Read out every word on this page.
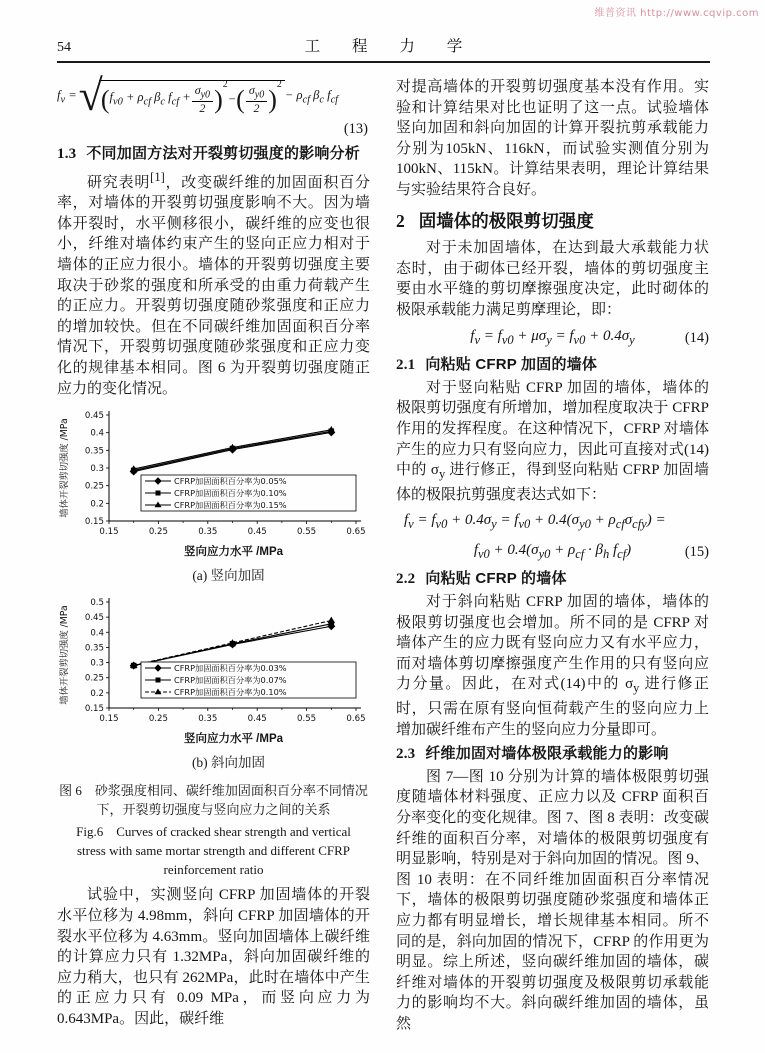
维普资讯 http://www.cqvip.com
54	工 程 力 学
$f_v$ = √
( $f_{v0} + \rho_{cf}$ $\beta_c$ $f_{cf} + \frac{\sigma_{y0}}{2}$ ) 2
− ( $\frac{\sigma_{y0}}{2}$ ) 2
− $\rho_{cf}$ $\beta_c$ $f_{cf}$
(13)
1.3 不同加固方法对开裂剪切强度的影响分析

研究表明[1]，改变碳纤维的加固面积百分率，对墙体的开裂剪切强度影响不大。因为墙体开裂时，水平侧移很小，碳纤维的应变也很小，纤维对墙体约束产生的竖向正应力相对于墙体的正应力很小。墙体的开裂剪切强度主要取决于砂浆的强度和所承受的由重力荷载产生的正应力。开裂剪切强度随砂浆强度和正应力的增加较快。但在不同碳纤维加固面积百分率情况下，开裂剪切强度随砂浆强度和正应力变化的规律基本相同。图 6 为开裂剪切强度随正应力的变化情况。

墙体开裂剪切强度 /MPa
0.15
0.2
0.25
0.3
0.35
0.4
0.45
0.15	0.25	0.35	0.45	0.55	0.65
CFRP加固面积百分率为0.05%
CFRP加固面积百分率为0.10%
CFRP加固面积百分率为0.15%
竖向应力水平 /MPa
(a) 竖向加固
墙体开裂剪切强度 /MPa
0.15
0.2
0.25
0.3
0.35
0.4
0.45
0.5
0.15	0.25	0.35	0.45	0.55	0.65
CFRP加固面积百分率为0.03%
CFRP加固面积百分率为0.07%
CFRP加固面积百分率为0.10%
竖向应力水平 /MPa
(b) 斜向加固
图 6　砂浆强度相同、碳纤维加固面积百分率不同情况下，开裂剪切强度与竖向应力之间的关系
Fig.6　Curves of cracked shear strength and vertical stress with same mortar strength and different CFRP reinforcement ratio

试验中，实测竖向 CFRP 加固墙体的开裂水平位移为 4.98mm，斜向 CFRP 加固墙体的开裂水平位移为 4.63mm。竖向加固墙体上碳纤维的计算应力只有 1.32MPa，斜向加固碳纤维的应力稍大，也只有 262MPa，此时在墙体中产生的正应力只有 0.09 MPa，而竖向应力为 0.643MPa。因此，碳纤维

对提高墙体的开裂剪切强度基本没有作用。实验和计算结果对比也证明了这一点。试验墙体竖向加固和斜向加固的计算开裂抗剪承载能力分别为105kN、116kN，而试验实测值分别为 100kN、115kN。计算结果表明，理论计算结果与实验结果符合良好。

2 固墙体的极限剪切强度

对于未加固墙体，在达到最大承载能力状态时，由于砌体已经开裂，墙体的剪切强度主要由水平缝的剪切摩擦强度决定，此时砌体的极限承载能力满足剪摩理论，即：

$f_v = f_{v0} + \mu\sigma_y = f_{v0} + 0.4\sigma_y$	(14)
2.1 向粘贴 CFRP 加固的墙体

对于竖向粘贴 CFRP 加固的墙体，墙体的极限剪切强度有所增加，增加程度取决于 CFRP 作用的发挥程度。在这种情况下，CFRP 对墙体产生的应力只有竖向应力，因此可直接对式(14)中的 $\sigma_y$ 进行修正，得到竖向粘贴 CFRP 加固墙体的极限抗剪强度表达式如下：

$f_v = f_{v0} + 0.4\sigma_y = f_{v0} + 0.4(\sigma_{y0} + \rho_{cf}\sigma_{cfy})$ =
$f_{v0} + 0.4(\sigma_{y0} + \rho_{cf} \cdot \beta_h$ $f_{cf}$)	(15)
2.2 向粘贴 CFRP 的墙体

对于斜向粘贴 CFRP 加固的墙体，墙体的极限剪切强度也会增加。所不同的是 CFRP 对墙体产生的应力既有竖向应力又有水平应力，而对墙体剪切摩擦强度产生作用的只有竖向应力分量。因此，在对式(14)中的 $\sigma_y$ 进行修正时，只需在原有竖向恒荷载产生的竖向应力上增加碳纤维布产生的竖向应力分量即可。

2.3 纤维加固对墙体极限承载能力的影响

图 7—图 10 分别为计算的墙体极限剪切强度随墙体材料强度、正应力以及 CFRP 面积百分率变化的变化规律。图 7、图 8 表明：改变碳纤维的面积百分率，对墙体的极限剪切强度有明显影响，特别是对于斜向加固的情况。图 9、图 10 表明：在不同纤维加固面积百分率情况下，墙体的极限剪切强度随砂浆强度和墙体正应力都有明显增长，增长规律基本相同。所不同的是，斜向加固的情况下，CFRP 的作用更为明显。综上所述，竖向碳纤维加固的墙体，碳纤维对墙体的开裂剪切强度及极限剪切承载能力的影响均不大。斜向碳纤维加固的墙体，虽然
